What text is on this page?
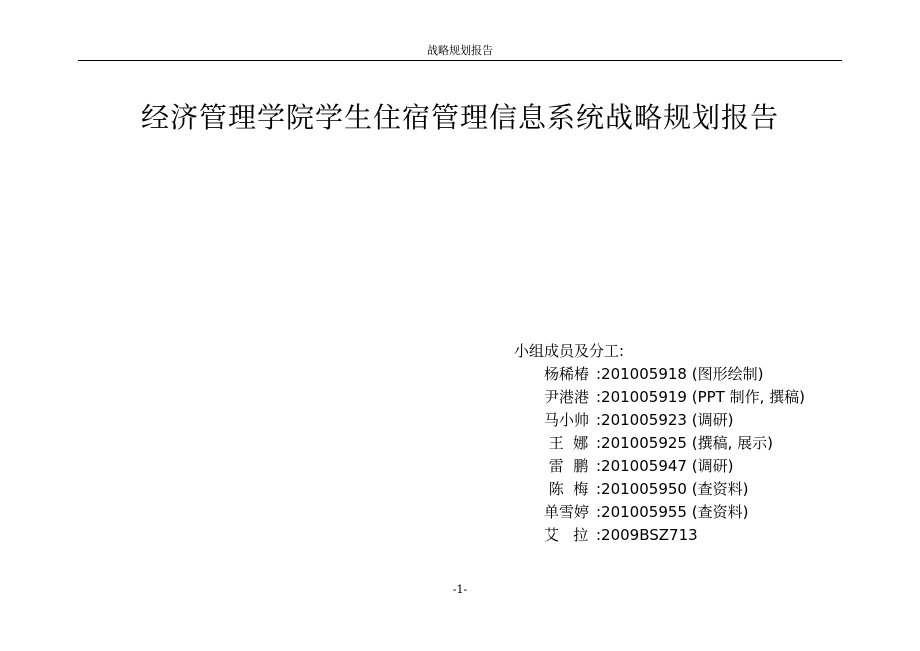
战略规划报告
经济管理学院学生住宿管理信息系统战略规划报告
小组成员及分工:
杨稀椿 :201005918 (图形绘制)
尹港港 :201005919 (PPT 制作, 撰稿)
马小帅 :201005923 (调研)
王  娜 :201005925 (撰稿, 展示)
雷  鹏 :201005947 (调研)
陈  梅 :201005950 (查资料)
单雪婷 :201005955 (查资料)
艾   拉 :2009BSZ713
-1-
